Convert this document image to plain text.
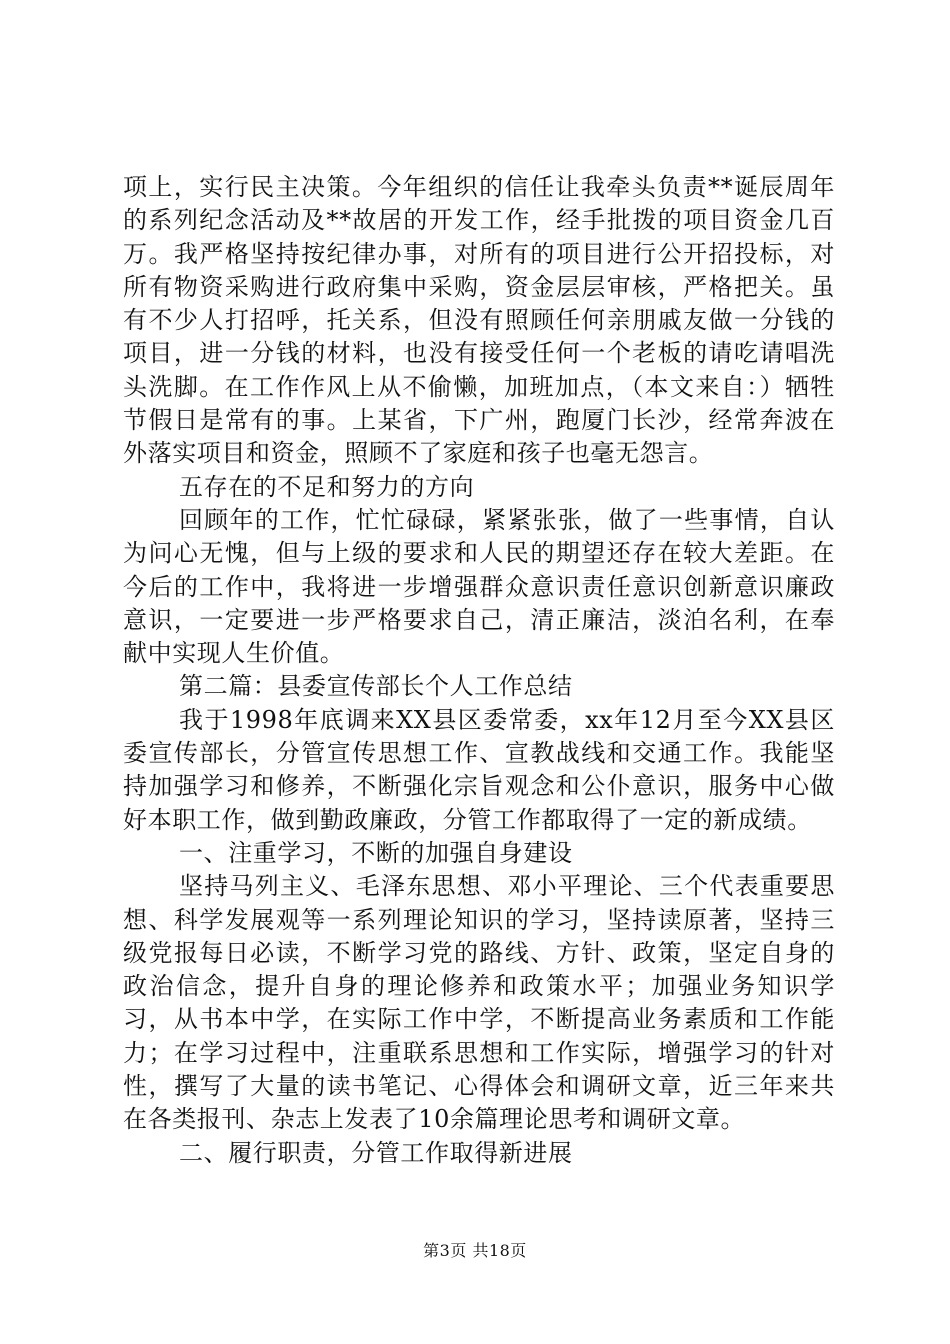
项上，实行民主决策。今年组织的信任让我牵头负责**诞辰周年的系列纪念活动及**故居的开发工作，经手批拨的项目资金几百万。我严格坚持按纪律办事，对所有的项目进行公开招投标，对所有物资采购进行政府集中采购，资金层层审核，严格把关。虽有不少人打招呼，托关系，但没有照顾任何亲朋戚友做一分钱的项目，进一分钱的材料，也没有接受任何一个老板的请吃请唱洗头洗脚。在工作作风上从不偷懒，加班加点，（本文来自：）牺牲节假日是常有的事。上某省，下广州，跑厦门长沙，经常奔波在外落实项目和资金，照顾不了家庭和孩子也毫无怨言。

五存在的不足和努力的方向

回顾年的工作，忙忙碌碌，紧紧张张，做了一些事情，自认为问心无愧，但与上级的要求和人民的期望还存在较大差距。在今后的工作中，我将进一步增强群众意识责任意识创新意识廉政意识，一定要进一步严格要求自己，清正廉洁，淡泊名利，在奉献中实现人生价值。

第二篇：县委宣传部长个人工作总结

我于1998年底调来XX县区委常委，xx年12月至今XX县区委宣传部长，分管宣传思想工作、宣教战线和交通工作。我能坚持加强学习和修养，不断强化宗旨观念和公仆意识，服务中心做好本职工作，做到勤政廉政，分管工作都取得了一定的新成绩。

一、注重学习，不断的加强自身建设

坚持马列主义、毛泽东思想、邓小平理论、三个代表重要思想、科学发展观等一系列理论知识的学习，坚持读原著，坚持三级党报每日必读，不断学习党的路线、方针、政策，坚定自身的政治信念，提升自身的理论修养和政策水平；加强业务知识学习，从书本中学，在实际工作中学，不断提高业务素质和工作能力；在学习过程中，注重联系思想和工作实际，增强学习的针对性，撰写了大量的读书笔记、心得体会和调研文章，近三年来共在各类报刊、杂志上发表了10余篇理论思考和调研文章。

二、履行职责，分管工作取得新进展

第3页 共18页
